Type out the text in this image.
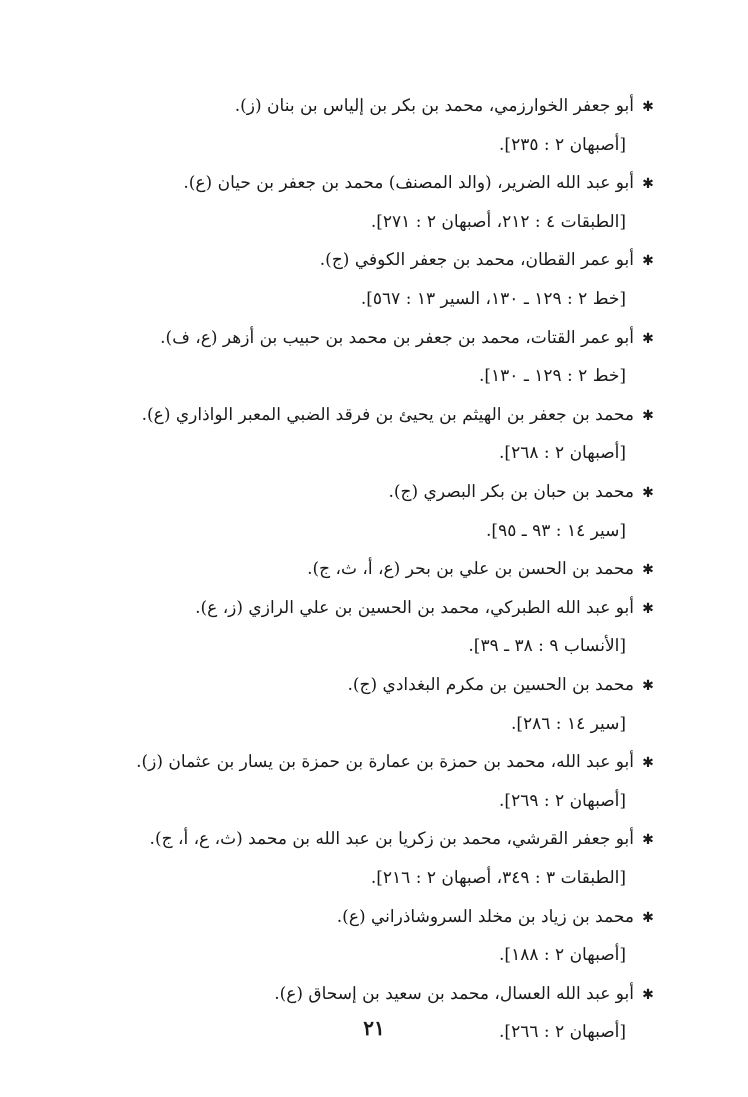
✱أبو جعفر الخوارزمي، محمد بن بكر بن إلياس بن بنان (ز).
[أصبهان ٢ : ٢٣٥].
✱أبو عبد الله الضرير، (والد المصنف) محمد بن جعفر بن حيان (ع).
[الطبقات ٤ : ٢١٢، أصبهان ٢ : ٢٧١].
✱أبو عمر القطان، محمد بن جعفر الكوفي (ج).
[خط ٢ : ١٢٩ ـ ١٣٠، السير ١٣ : ٥٦٧].
✱أبو عمر القتات، محمد بن جعفر بن محمد بن حبيب بن أزهر (ع، ف).
[خط ٢ : ١٢٩ ـ ١٣٠].
✱محمد بن جعفر بن الهيثم بن يحيئ بن فرقد الضبي المعبر الواذاري (ع).
[أصبهان ٢ : ٢٦٨].
✱محمد بن حبان بن بكر البصري (ج).
[سير ١٤ : ٩٣ ـ ٩٥].
✱محمد بن الحسن بن علي بن بحر (ع، أ، ث، ج).
✱أبو عبد الله الطبركي، محمد بن الحسين بن علي الرازي (ز، ع).
[الأنساب ٩ : ٣٨ ـ ٣٩].
✱محمد بن الحسين بن مكرم البغدادي (ج).
[سير ١٤ : ٢٨٦].
✱أبو عبد الله، محمد بن حمزة بن عمارة بن حمزة بن يسار بن عثمان (ز).
[أصبهان ٢ : ٢٦٩].
✱أبو جعفر القرشي، محمد بن زكريا بن عبد الله بن محمد (ث، ع، أ، ج).
[الطبقات ٣ : ٣٤٩، أصبهان ٢ : ٢١٦].
✱محمد بن زياد بن مخلد السروشاذراني (ع).
[أصبهان ٢ : ١٨٨].
✱أبو عبد الله العسال، محمد بن سعيد بن إسحاق (ع).
[أصبهان ٢ : ٢٦٦].
٢١
